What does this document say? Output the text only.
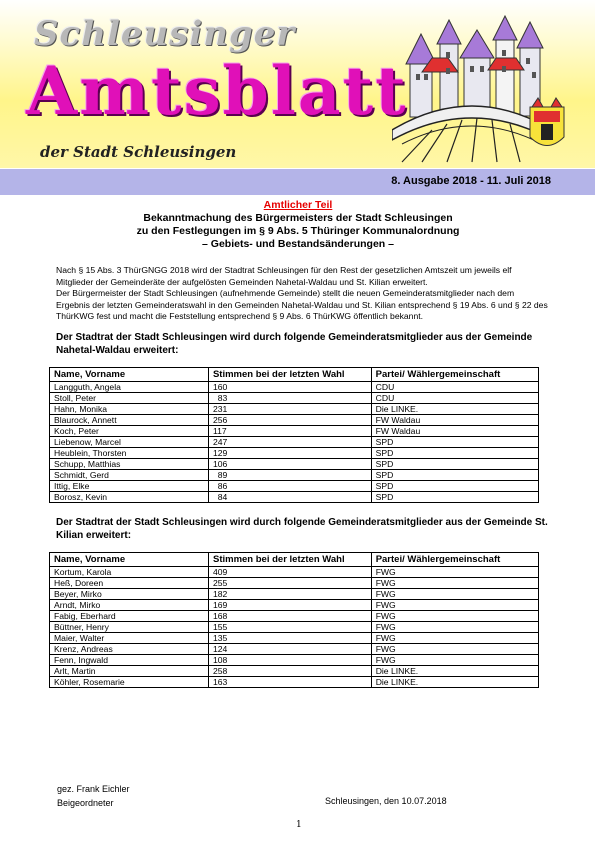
Schleusinger
Amtsblatt
der Stadt Schleusingen
8. Ausgabe 2018 - 11. Juli 2018
Amtlicher Teil
Bekanntmachung des Bürgermeisters der Stadt Schleusingen
zu den Festlegungen im § 9 Abs. 5 Thüringer Kommunalordnung
– Gebiets- und Bestandsänderungen –

Nach § 15 Abs. 3 ThürGNGG 2018 wird der Stadtrat Schleusingen für den Rest der gesetzlichen Amtszeit um jeweils elf Mitglieder der Gemeinderäte der aufgelösten Gemeinden Nahetal-Waldau und St. Kilian erweitert.

Der Bürgermeister der Stadt Schleusingen (aufnehmende Gemeinde) stellt die neuen Gemeinderatsmitglieder nach dem Ergebnis der letzten Gemeinderatswahl in den Gemeinden Nahetal-Waldau und St. Kilian entsprechend § 19 Abs. 6 und § 22 des ThürKWG fest und macht die Feststellung entsprechend § 9 Abs. 6 ThürKWG öffentlich bekannt.

Der Stadtrat der Stadt Schleusingen wird durch folgende Gemeinderatsmitglieder aus der Gemeinde Nahetal-Waldau erweitert:
Name, Vorname	Stimmen bei der letzten Wahl	Partei/ Wählergemeinschaft
Langguth, Angela	160	CDU
Stoll, Peter	83	CDU
Hahn, Monika	231	Die LINKE.
Blaurock, Annett	256	FW Waldau
Koch, Peter	117	FW Waldau
Liebenow, Marcel	247	SPD
Heublein, Thorsten	129	SPD
Schupp, Matthias	106	SPD
Schmidt, Gerd	89	SPD
Ittig, Elke	86	SPD
Borosz, Kevin	84	SPD
Der Stadtrat der Stadt Schleusingen wird durch folgende Gemeinderatsmitglieder aus der Gemeinde St. Kilian erweitert:
Name, Vorname	Stimmen bei der letzten Wahl	Partei/ Wählergemeinschaft
Kortum, Karola	409	FWG
Heß, Doreen	255	FWG
Beyer, Mirko	182	FWG
Arndt, Mirko	169	FWG
Fabig, Eberhard	168	FWG
Büttner, Henry	155	FWG
Maier, Walter	135	FWG
Krenz, Andreas	124	FWG
Fenn, Ingwald	108	FWG
Arlt, Martin	258	Die LINKE.
Köhler, Rosemarie	163	Die LINKE.
gez. Frank Eichler
Beigeordneter	Schleusingen, den 10.07.2018
1
